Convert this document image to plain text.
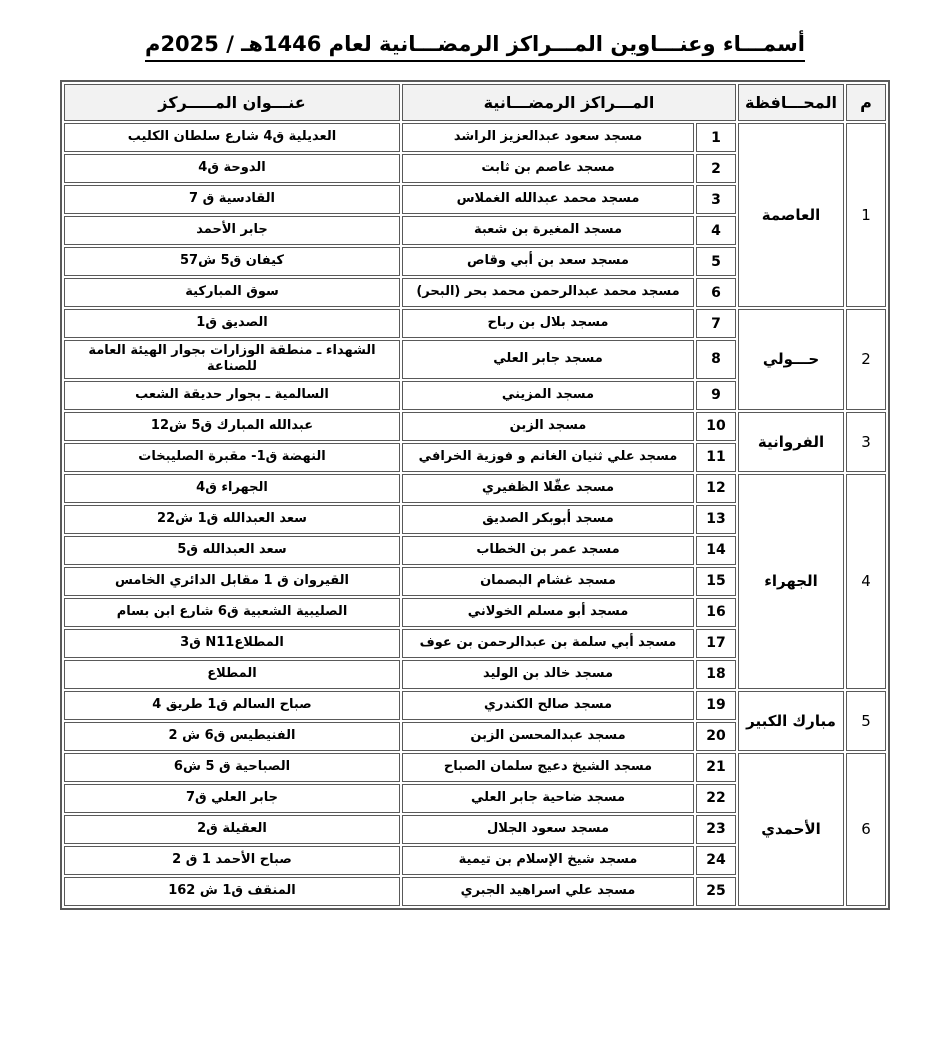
أسمـــاء وعنـــاوين المـــراكز الرمضـــانية لعام 1446هـ / 2025م
م	المحـــافظة	المـــراكز الرمضـــانية		عنـــوان المـــــركز
1	العاصمة	1	مسجد سعود عبدالعزيز الراشد	العديلية ق4 شارع سلطان الكليب
		2	مسجد عاصم بن ثابت	الدوحة ق4
		3	مسجد محمد عبدالله الغملاس	القادسية ق 7
		4	مسجد المغيرة بن شعبة	جابر الأحمد
		5	مسجد سعد بن أبي وقاص	كيفان ق5 ش57
		6	مسجد محمد عبدالرحمن محمد بحر (البحر)	سوق المباركية
2	حـــولي	7	مسجد بلال بن رباح	الصديق ق1
		8	مسجد جابر العلي	الشهداء ـ منطقة الوزارات بجوار الهيئة العامة للصناعة
		9	مسجد المزيني	السالمية ـ بجوار حديقة الشعب
3	الفروانية	10	مسجد الزبن	عبدالله المبارك ق5 ش12
		11	مسجد علي ثنيان الغانم و فوزية الخرافي	النهضة ق1- مقبرة الصليبخات
4	الجهراء	12	مسجد عقّلا الظفيري	الجهراء ق4
		13	مسجد أبوبكر الصديق	سعد العبدالله ق1 ش22
		14	مسجد عمر بن الخطاب	سعد العبدالله ق5
		15	مسجد غشام البصمان	القيروان ق 1 مقابل الدائري الخامس
		16	مسجد أبو مسلم الخولاني	الصليبية الشعبية ق6 شارع ابن بسام
		17	مسجد أبي سلمة بن عبدالرحمن بن عوف	المطلاعN11 ق3
		18	مسجد خالد بن الوليد	المطلاع
5	مبارك الكبير	19	مسجد صالح الكندري	صباح السالم ق1 طريق 4
		20	مسجد عبدالمحسن الزبن	الفنيطيس ق6 ش 2
6	الأحمدي	21	مسجد الشيخ دعيج سلمان الصباح	الصباحية ق 5 ش6
		22	مسجد ضاحية جابر العلي	جابر العلي ق7
		23	مسجد سعود الجلال	العقيلة ق2
		24	مسجد شيخ الإسلام بن تيمية	صباح الأحمد 1 ق 2
		25	مسجد علي اسراهيد الجبري	المنقف ق1 ش 162
